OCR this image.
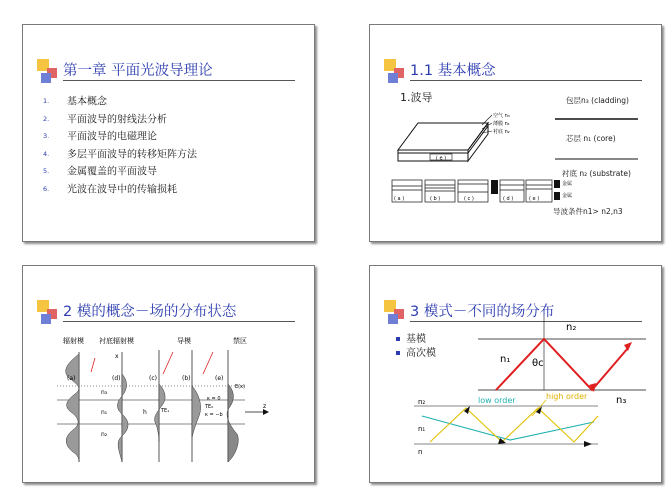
第一章 平面光波导理论
1. 基本概念
2. 平面波导的射线法分析
3. 平面波导的电磁理论
4. 多层平面波导的转移矩阵方法
5. 金属覆盖的平面波导
6. 光波在波导中的传输损耗
1.1 基本概念
1.波导
( e )
空气 n₃
薄膜 n₁
衬底 n₂
金属
金属
( a )	( b )	( c )	( d )	( e )
包层n₃ (cladding)
芯层 n₁ (core)
衬底 n₂ (substrate)
导波条件n1> n2,n3
2 模的概念－场的分布状态
辐射模 衬底辐射模	导模	禁区
(a)	(d)	(c)	(b)	(e)
x
n₃
n₁
n₂
h	TE₁
TE₀
κ = 0
κ = −b
E(x)
z
3 模式－不同的场分布
基模
高次模
n₂
n₁ θc
n₃
n₂
n₁
n
low order	high order
